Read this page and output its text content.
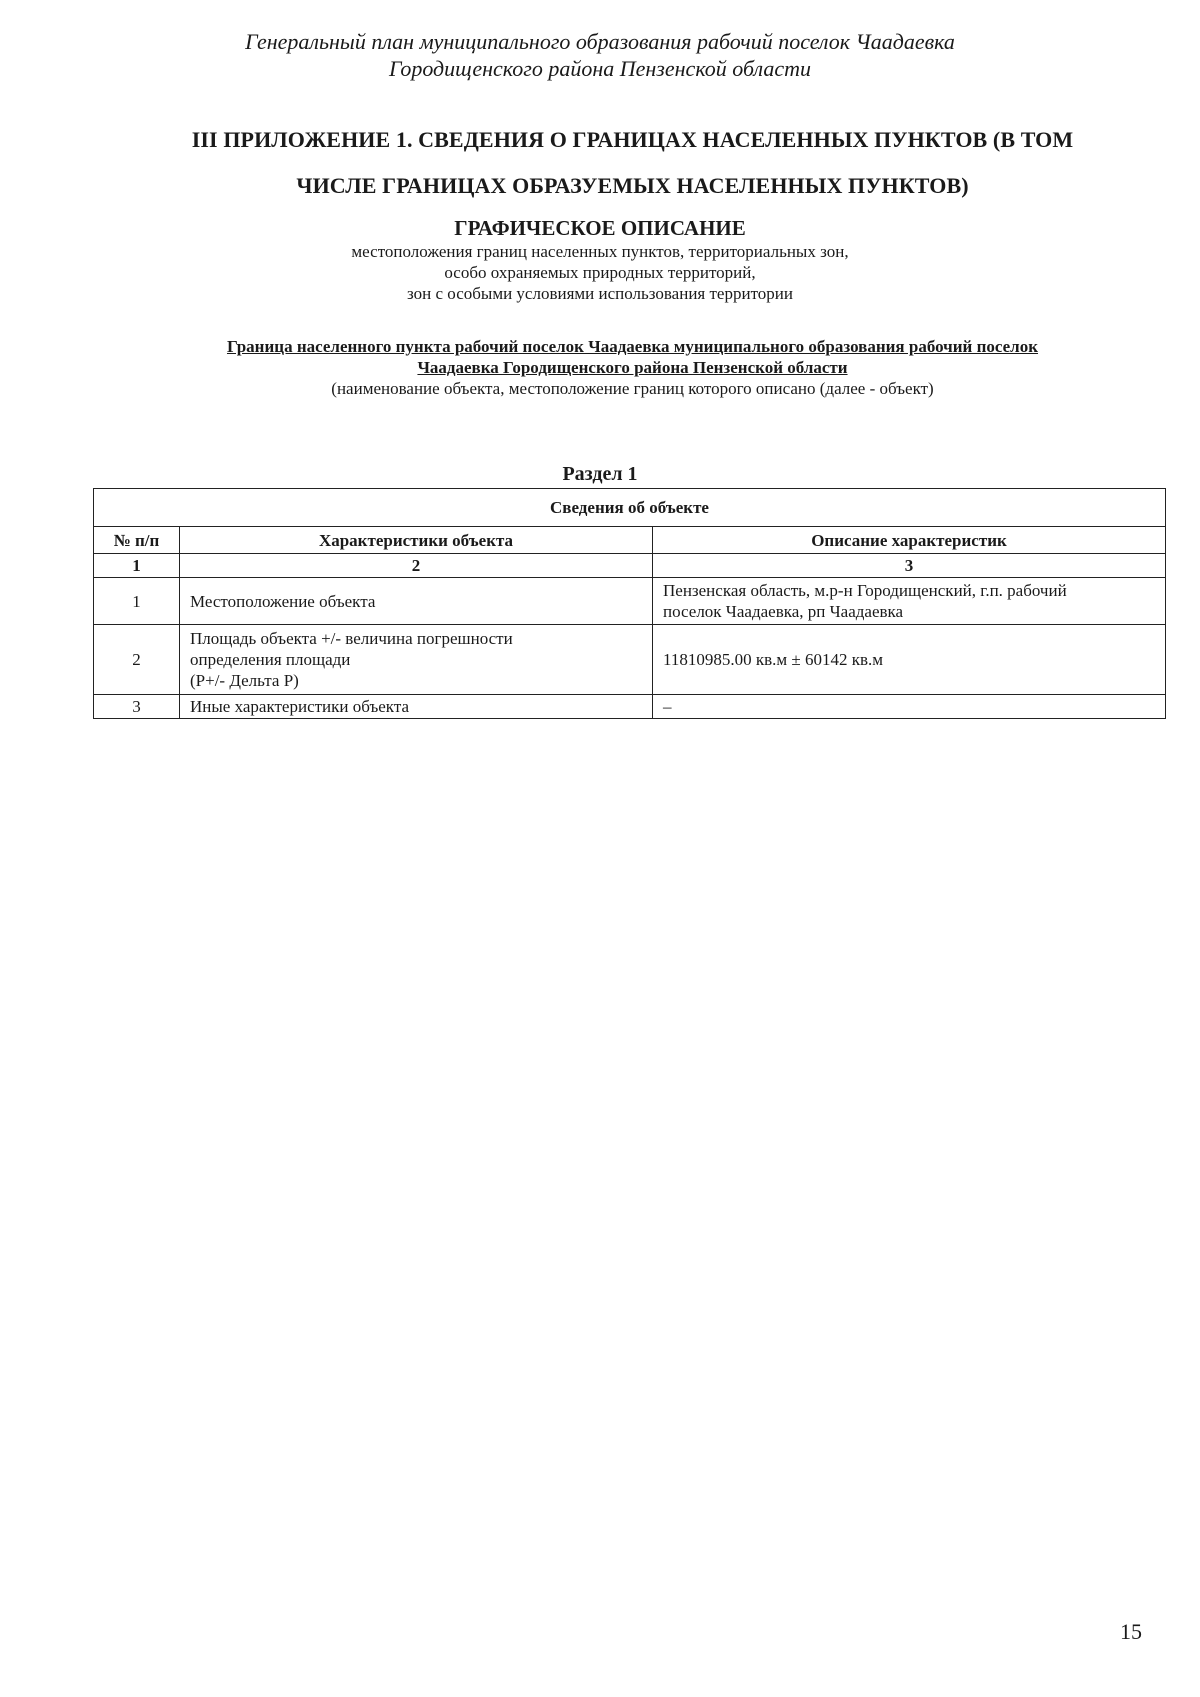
Генеральный план муниципального образования рабочий поселок Чаадаевка
Городищенского района Пензенской области
III ПРИЛОЖЕНИЕ 1. СВЕДЕНИЯ О ГРАНИЦАХ НАСЕЛЕННЫХ ПУНКТОВ (В ТОМ
ЧИСЛЕ ГРАНИЦАХ ОБРАЗУЕМЫХ НАСЕЛЕННЫХ ПУНКТОВ)
ГРАФИЧЕСКОЕ ОПИСАНИЕ
местоположения границ населенных пунктов, территориальных зон,
особо охраняемых природных территорий,
зон с особыми условиями использования территории
Граница населенного пункта рабочий поселок Чаадаевка муниципального образования рабочий поселок
Чаадаевка Городищенского района Пензенской области
(наименование объекта, местоположение границ которого описано (далее - объект)
Раздел 1
Сведения об объекте		
№ п/п	Характеристики объекта	Описание характеристик
1	2	3
1	Местоположение объекта	Пензенская область, м.р-н Городищенский, г.п. рабочий
поселок Чаадаевка, рп Чаадаевка

2	Площадь объекта +/- величина погрешности
определения площади
(P+/- Дельта P)	11810985.00 кв.м ± 60142 кв.м

3	Иные характеристики объекта	–
15
